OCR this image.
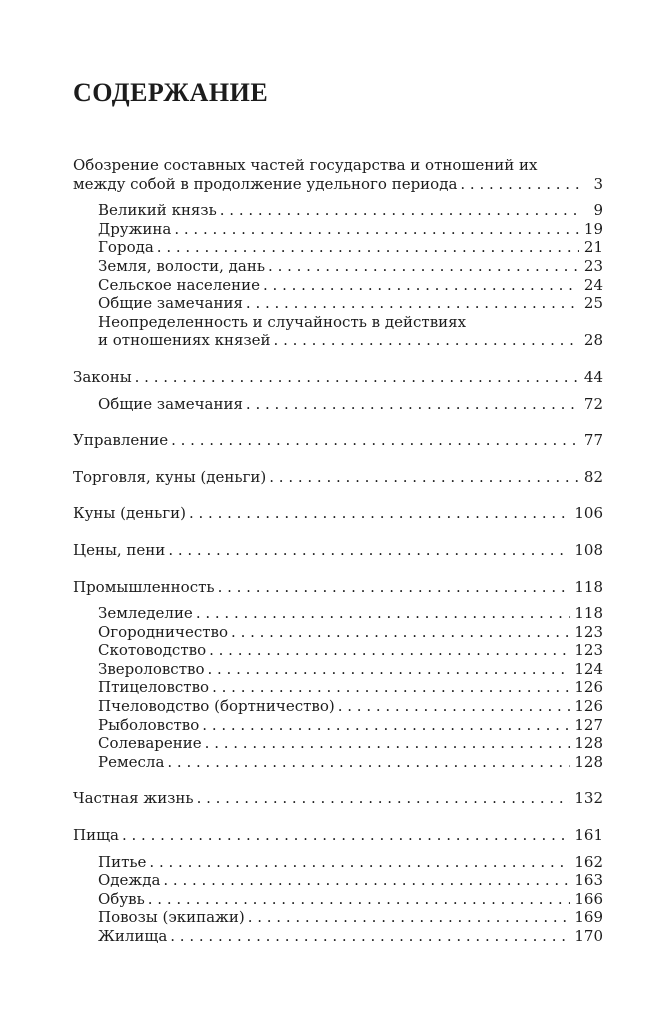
СОДЕРЖАНИЕ
Обозрение составных частей государства и отношений их
между собой в продолжение удельного периода . . .	3
Великий князь . . .	9
Дружина . . .	19
Города . . .	21
Земля, волости, дань . . .	23
Сельское население . . .	24
Общие замечания . . .	25
Неопределенность и случайность в действиях
и отношениях князей . . .	28
Законы . . .	44
Общие замечания . . .	72
Управление . . .	77
Торговля, куны (деньги) . . .	82
Куны (деньги) . . .	106
Цены, пени . . .	108
Промышленность . . .	118
Земледелие . . .	118
Огородничество . . .	123
Скотоводство . . .	123
Звероловство . . .	124
Птицеловство . . .	126
Пчеловодство (бортничество) . . .	126
Рыболовство . . .	127
Солеварение . . .	128
Ремесла . . .	128
Частная жизнь . . .	132
Пища . . .	161
Питье . . .	162
Одежда . . .	163
Обувь . . .	166
Повозы (экипажи) . . .	169
Жилища . . .	170
